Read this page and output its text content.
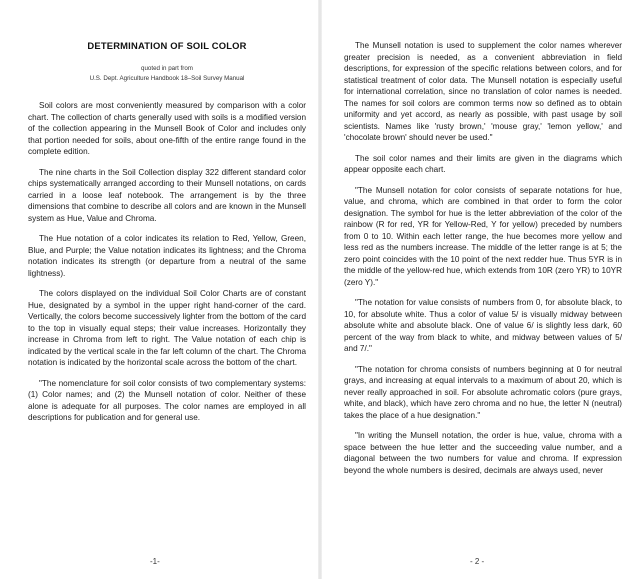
DETERMINATION OF SOIL COLOR
quoted in part from
U.S. Dept. Agriculture Handbook 18–Soil Survey Manual

Soil colors are most conveniently measured by comparison with a color chart. The collection of charts generally used with soils is a modified version of the collection appearing in the Munsell Book of Color and includes only that portion needed for soils, about one-fifth of the entire range found in the complete edition.

The nine charts in the Soil Collection display 322 different standard color chips systematically arranged according to their Munsell notations, on cards carried in a loose leaf notebook. The arrangement is by the three dimensions that combine to describe all colors and are known in the Munsell system as Hue, Value and Chroma.

The Hue notation of a color indicates its relation to Red, Yellow, Green, Blue, and Purple; the Value notation indicates its lightness; and the Chroma notation indicates its strength (or departure from a neutral of the same lightness).

The colors displayed on the individual Soil Color Charts are of constant Hue, designated by a symbol in the upper right hand-corner of the card. Vertically, the colors become successively lighter from the bottom of the card to the top in visually equal steps; their value increases. Horizontally they increase in Chroma from left to right. The Value notation of each chip is indicated by the vertical scale in the far left column of the chart. The Chroma notation is indicated by the horizontal scale across the bottom of the chart.

"The nomenclature for soil color consists of two complementary systems: (1) Color names; and (2) the Munsell notation of color. Neither of these alone is adequate for all purposes. The color names are employed in all descriptions for publication and for general use.

-1-

The Munsell notation is used to supplement the color names wherever greater precision is needed, as a convenient abbreviation in field descriptions, for expression of the specific relations between colors, and for statistical treatment of color data. The Munsell notation is especially useful for international correlation, since no translation of color names is needed. The names for soil colors are common terms now so defined as to obtain uniformity and yet accord, as nearly as possible, with past usage by soil scientists. Names like 'rusty brown,' 'mouse gray,' 'lemon yellow,' and 'chocolate brown' should never be used."

The soil color names and their limits are given in the diagrams which appear opposite each chart.

"The Munsell notation for color consists of separate notations for hue, value, and chroma, which are combined in that order to form the color designation. The symbol for hue is the letter abbreviation of the color of the rainbow (R for red, YR for Yellow-Red, Y for yellow) preceded by numbers from 0 to 10. Within each letter range, the hue becomes more yellow and less red as the numbers increase. The middle of the letter range is at 5; the zero point coincides with the 10 point of the next redder hue. Thus 5YR is in the middle of the yellow-red hue, which extends from 10R (zero YR) to 10YR (zero Y)."

"The notation for value consists of numbers from 0, for absolute black, to 10, for absolute white. Thus a color of value 5/ is visually midway between absolute white and absolute black. One of value 6/ is slightly less dark, 60 percent of the way from black to white, and midway between values of 5/ and 7/."

"The notation for chroma consists of numbers beginning at 0 for neutral grays, and increasing at equal intervals to a maximum of about 20, which is never really approached in soil. For absolute achromatic colors (pure grays, white, and black), which have zero chroma and no hue, the letter N (neutral) takes the place of a hue designation."

"In writing the Munsell notation, the order is hue, value, chroma with a space between the hue letter and the succeeding value number, and a diagonal between the two numbers for value and chroma. If expression beyond the whole numbers is desired, decimals are always used, never

- 2 -
